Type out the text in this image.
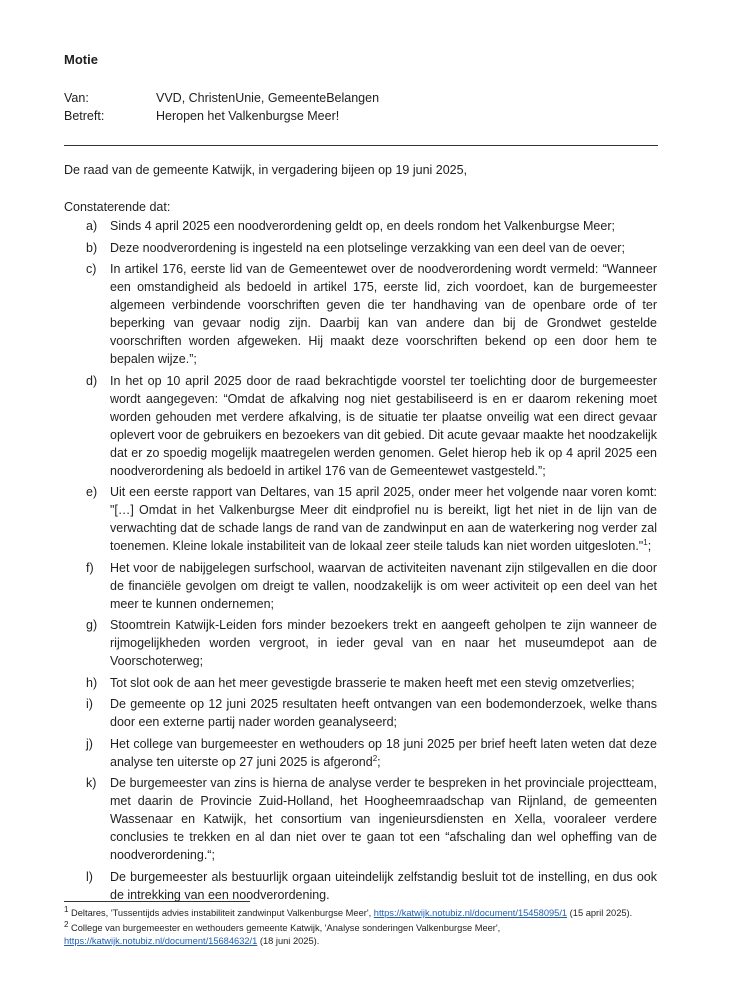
Motie
Van:	VVD, ChristenUnie, GemeenteBelangen
Betreft:	Heropen het Valkenburgse Meer!
De raad van de gemeente Katwijk, in vergadering bijeen op 19 juni 2025,
Constaterende dat:
a) Sinds 4 april 2025 een noodverordening geldt op, en deels rondom het Valkenburgse Meer;
b) Deze noodverordening is ingesteld na een plotselinge verzakking van een deel van de oever;
c) In artikel 176, eerste lid van de Gemeentewet over de noodverordening wordt vermeld: “Wanneer een omstandigheid als bedoeld in artikel 175, eerste lid, zich voordoet, kan de burgemeester algemeen verbindende voorschriften geven die ter handhaving van de openbare orde of ter beperking van gevaar nodig zijn. Daarbij kan van andere dan bij de Grondwet gestelde voorschriften worden afgeweken. Hij maakt deze voorschriften bekend op een door hem te bepalen wijze.”;
d) In het op 10 april 2025 door de raad bekrachtigde voorstel ter toelichting door de burgemeester wordt aangegeven: “Omdat de afkalving nog niet gestabiliseerd is en er daarom rekening moet worden gehouden met verdere afkalving, is de situatie ter plaatse onveilig wat een direct gevaar oplevert voor de gebruikers en bezoekers van dit gebied. Dit acute gevaar maakte het noodzakelijk dat er zo spoedig mogelijk maatregelen werden genomen. Gelet hierop heb ik op 4 april 2025 een noodverordening als bedoeld in artikel 176 van de Gemeentewet vastgesteld.”;
e) Uit een eerste rapport van Deltares, van 15 april 2025, onder meer het volgende naar voren komt: "[…] Omdat in het Valkenburgse Meer dit eindprofiel nu is bereikt, ligt het niet in de lijn van de verwachting dat de schade langs de rand van de zandwinput en aan de waterkering nog verder zal toenemen. Kleine lokale instabiliteit van de lokaal zeer steile taluds kan niet worden uitgesloten."$^1$;
f) Het voor de nabijgelegen surfschool, waarvan de activiteiten navenant zijn stilgevallen en die door de financiële gevolgen om dreigt te vallen, noodzakelijk is om weer activiteit op een deel van het meer te kunnen ondernemen;
g) Stoomtrein Katwijk-Leiden fors minder bezoekers trekt en aangeeft geholpen te zijn wanneer de rijmogelijkheden worden vergroot, in ieder geval van en naar het museumdepot aan de Voorschoterweg;
h) Tot slot ook de aan het meer gevestigde brasserie te maken heeft met een stevig omzetverlies;
i) De gemeente op 12 juni 2025 resultaten heeft ontvangen van een bodemonderzoek, welke thans door een externe partij nader worden geanalyseerd;
j) Het college van burgemeester en wethouders op 18 juni 2025 per brief heeft laten weten dat deze analyse ten uiterste op 27 juni 2025 is afgerond$^2$;
k) De burgemeester van zins is hierna de analyse verder te bespreken in het provinciale projectteam, met daarin de Provincie Zuid-Holland, het Hoogheemraadschap van Rijnland, de gemeenten Wassenaar en Katwijk, het consortium van ingenieursdiensten en Xella, vooraleer verdere conclusies te trekken en al dan niet over te gaan tot een “afschaling dan wel opheffing van de noodverordening.“;
l) De burgemeester als bestuurlijk orgaan uiteindelijk zelfstandig besluit tot de instelling, en dus ook de intrekking van een noodverordening.

$^1$ Deltares, 'Tussentijds advies instabiliteit zandwinput Valkenburgse Meer', https://katwijk.notubiz.nl/document/15458095/1 (15 april 2025).

$^2$ College van burgemeester en wethouders gemeente Katwijk, 'Analyse sonderingen Valkenburgse Meer', https://katwijk.notubiz.nl/document/15684632/1 (18 juni 2025).
